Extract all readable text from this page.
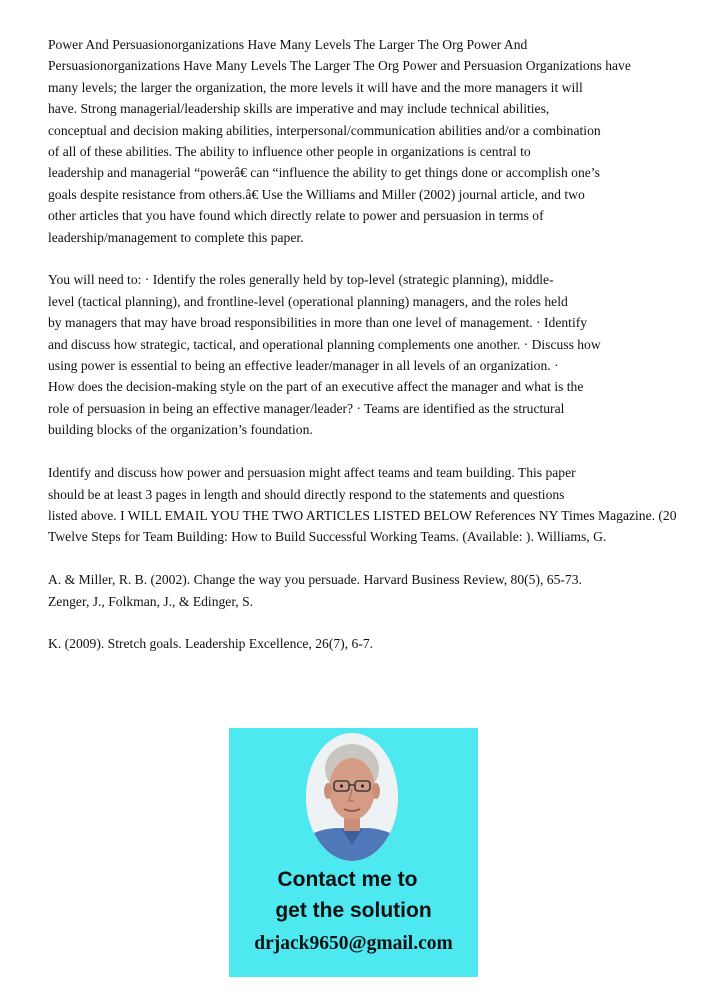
Power And Persuasionorganizations Have Many Levels The Larger The Org Power And
Persuasionorganizations Have Many Levels The Larger The Org Power and Persuasion Organizations have
many levels; the larger the organization, the more levels it will have and the more managers it will
have. Strong managerial/leadership skills are imperative and may include technical abilities,
conceptual and decision making abilities, interpersonal/communication abilities and/or a combination
of all of these abilities. The ability to influence other people in organizations is central to
leadership and managerial “powerâ€ can “influence the ability to get things done or accomplish one’s
goals despite resistance from others.â€ Use the Williams and Miller (2002) journal article, and two
other articles that you have found which directly relate to power and persuasion in terms of
leadership/management to complete this paper.
You will need to: · Identify the roles generally held by top-level (strategic planning), middle-
level (tactical planning), and frontline-level (operational planning) managers, and the roles held
by managers that may have broad responsibilities in more than one level of management. · Identify
and discuss how strategic, tactical, and operational planning complements one another. · Discuss how
using power is essential to being an effective leader/manager in all levels of an organization. ·
How does the decision-making style on the part of an executive affect the manager and what is the
role of persuasion in being an effective manager/leader? · Teams are identified as the structural
building blocks of the organization’s foundation.
Identify and discuss how power and persuasion might affect teams and team building. This paper
should be at least 3 pages in length and should directly respond to the statements and questions
listed above. I WILL EMAIL YOU THE TWO ARTICLES LISTED BELOW References NY Times Magazine. (20
Twelve Steps for Team Building: How to Build Successful Working Teams. (Available: ). Williams, G.
A. & Miller, R. B. (2002). Change the way you persuade. Harvard Business Review, 80(5), 65-73.
Zenger, J., Folkman, J., & Edinger, S.
K. (2009). Stretch goals. Leadership Excellence, 26(7), 6-7.
Contact me to
get the solution
drjack9650@gmail.com
